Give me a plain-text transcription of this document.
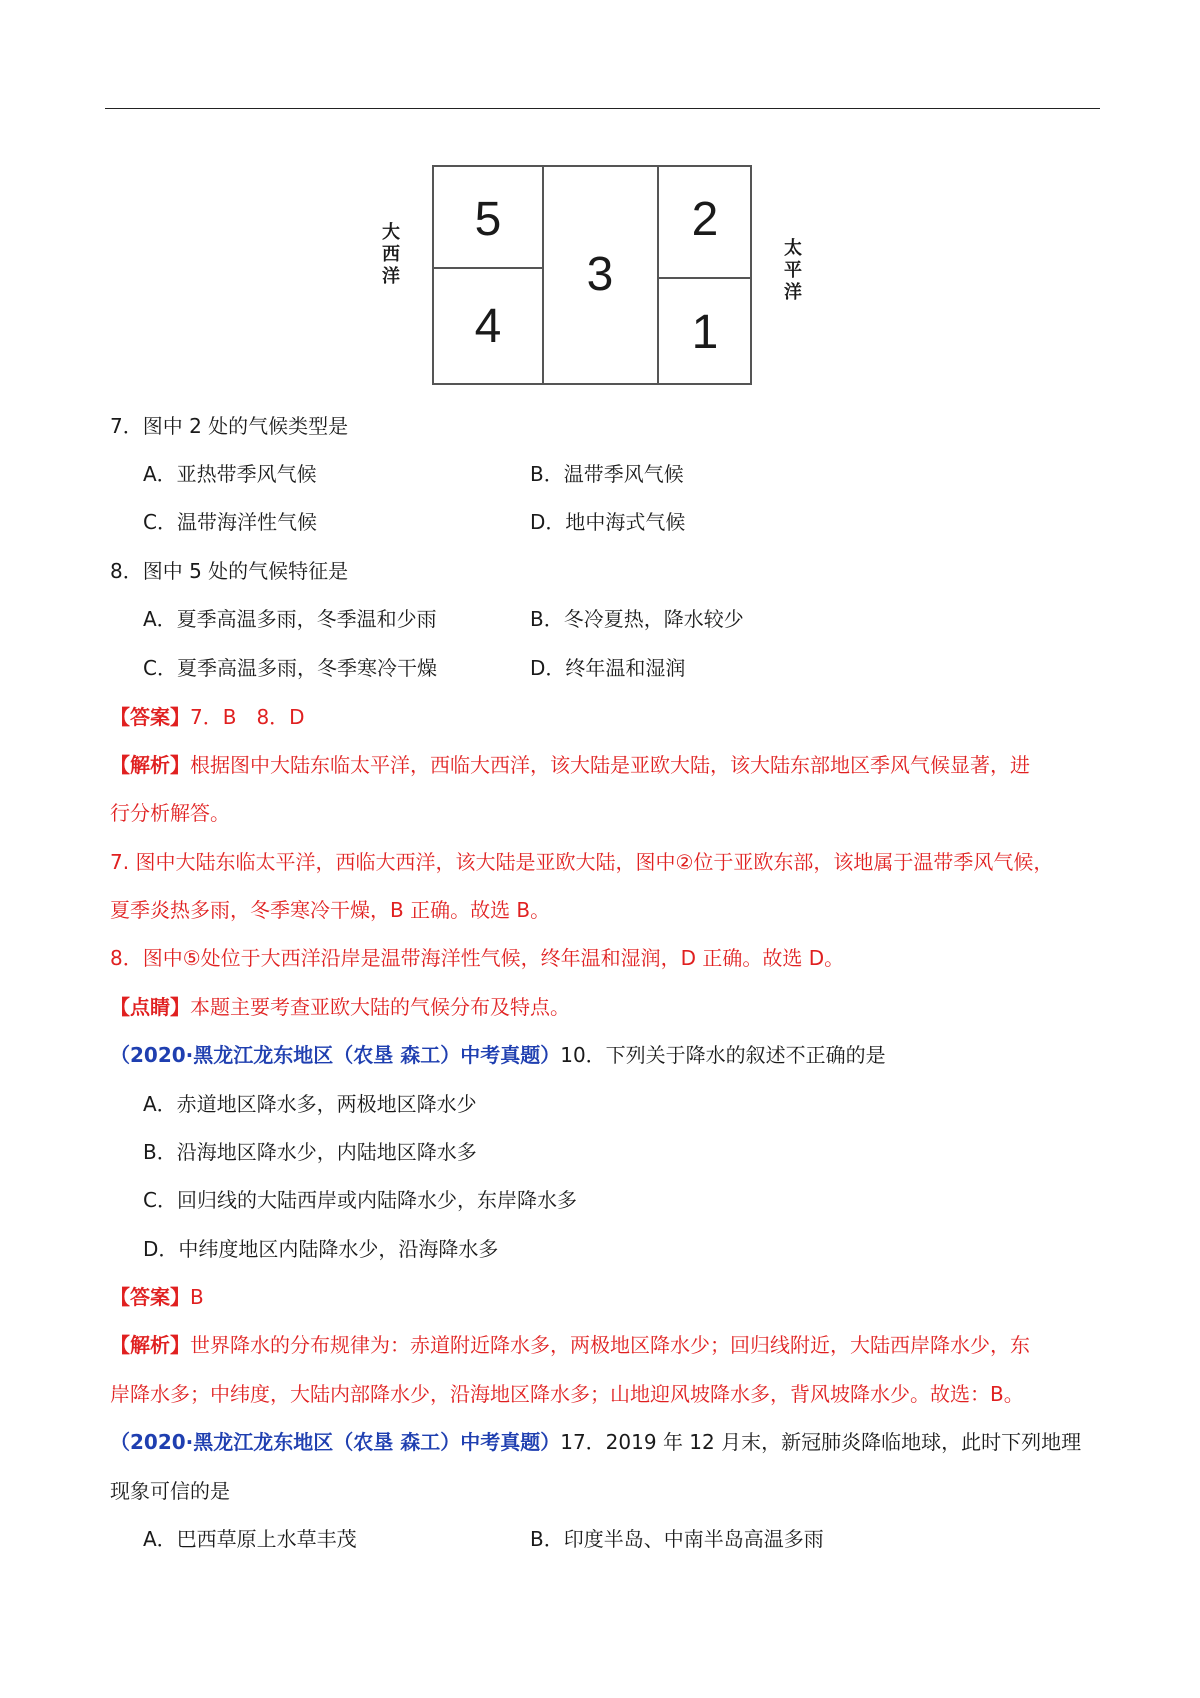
5
4
3
2
1
大
西
洋
太
平
洋
7．图中 2 处的气候类型是
A．亚热带季风气候	B．温带季风气候
C．温带海洋性气候	D．地中海式气候
8．图中 5 处的气候特征是
A．夏季高温多雨，冬季温和少雨	B．冬冷夏热，降水较少
C．夏季高温多雨，冬季寒冷干燥	D．终年温和湿润
【答案】7．B　8．D
【解析】根据图中大陆东临太平洋，西临大西洋，该大陆是亚欧大陆，该大陆东部地区季风气候显著，进
行分析解答。
7. 图中大陆东临太平洋，西临大西洋，该大陆是亚欧大陆，图中②位于亚欧东部，该地属于温带季风气候，
夏季炎热多雨，冬季寒冷干燥，B 正确。故选 B。
8．图中⑤处位于大西洋沿岸是温带海洋性气候，终年温和湿润，D 正确。故选 D。
【点睛】本题主要考查亚欧大陆的气候分布及特点。
（2020·黑龙江龙东地区（农垦 森工）中考真题）10．下列关于降水的叙述不正确的是
A．赤道地区降水多，两极地区降水少
B．沿海地区降水少，内陆地区降水多
C．回归线的大陆西岸或内陆降水少，东岸降水多
D．中纬度地区内陆降水少，沿海降水多
【答案】B
【解析】世界降水的分布规律为：赤道附近降水多，两极地区降水少；回归线附近，大陆西岸降水少，东
岸降水多；中纬度，大陆内部降水少，沿海地区降水多；山地迎风坡降水多，背风坡降水少。故选：B。
（2020·黑龙江龙东地区（农垦 森工）中考真题）17．2019 年 12 月末，新冠肺炎降临地球，此时下列地理
现象可信的是
A．巴西草原上水草丰茂	B．印度半岛、中南半岛高温多雨
